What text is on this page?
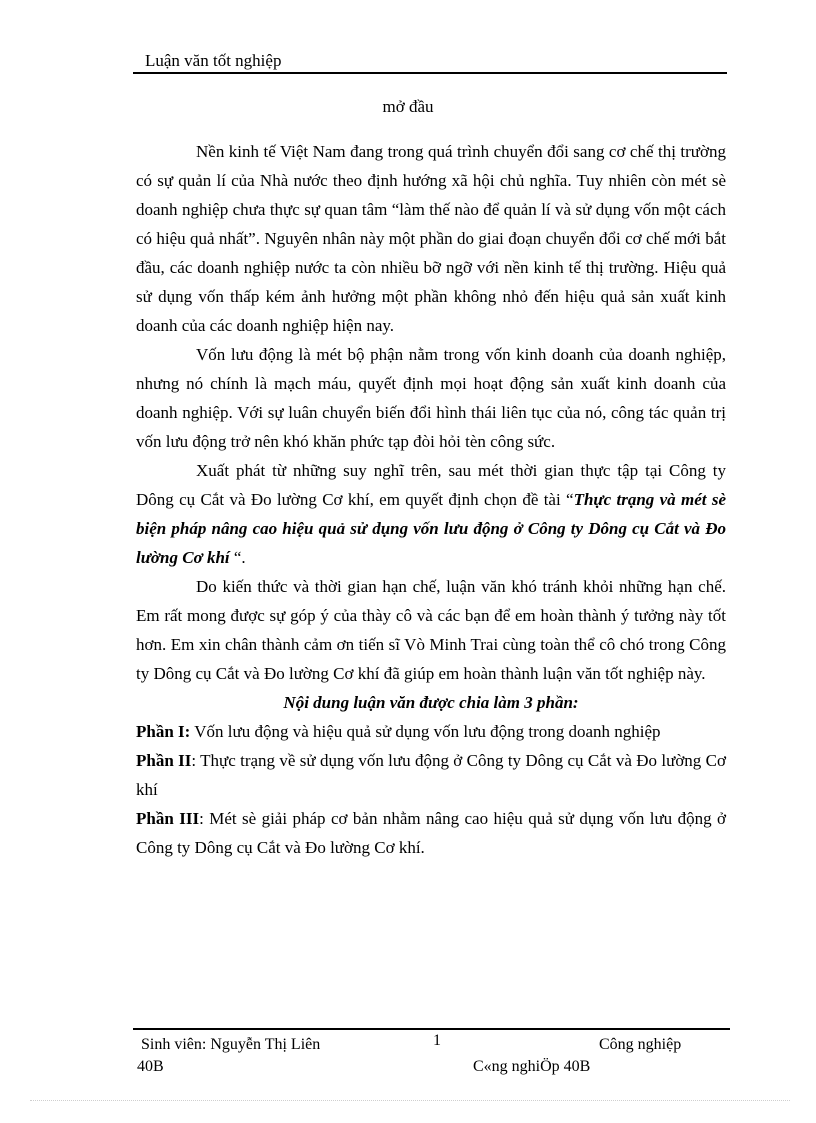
Luận văn tốt nghiệp
mở đầu

Nền kinh tế Việt Nam đang trong quá trình chuyển đổi sang cơ chế thị trường có sự quản lí của Nhà nước theo định hướng xã hội chủ nghĩa. Tuy nhiên còn mét sè doanh nghiệp chưa thực sự quan tâm “làm thế nào để quản lí và sử dụng vốn một cách có hiệu quả nhất”. Nguyên nhân này một phần do giai đoạn chuyển đổi cơ chế mới bắt đầu, các doanh nghiệp nước ta còn nhiều bỡ ngỡ với nền kinh tế thị trường. Hiệu quả sử dụng vốn thấp kém ảnh hưởng một phần không nhỏ đến hiệu quả sản xuất kinh doanh của các doanh nghiệp hiện nay.

Vốn lưu động là mét bộ phận nằm trong vốn kinh doanh của doanh nghiệp, nhưng nó chính là mạch máu, quyết định mọi hoạt động sản xuất kinh doanh của doanh nghiệp. Với sự luân chuyển biến đổi hình thái liên tục của nó, công tác quản trị vốn lưu động trở nên khó khăn phức tạp đòi hỏi tèn công sức.

Xuất phát từ những suy nghĩ trên, sau mét thời gian thực tập tại Công ty Dông cụ Cắt và Đo lường Cơ khí, em quyết định chọn đề tài “Thực trạng và mét sè biện pháp nâng cao hiệu quả sử dụng vốn lưu động ở Công ty Dông cụ Cắt và Đo lường Cơ khí “.

Do kiến thức và thời gian hạn chế, luận văn khó tránh khỏi những hạn chế. Em rất mong được sự góp ý của thày cô và các bạn để em hoàn thành ý tưởng này tốt hơn. Em xin chân thành cảm ơn tiến sĩ Vò Minh Trai cùng toàn thể cô chó trong Công ty Dông cụ Cắt và Đo lường Cơ khí đã giúp em hoàn thành luận văn tốt nghiệp này.

Nội dung luận văn được chia làm 3 phần:

Phần I: Vốn lưu động và hiệu quả sử dụng vốn lưu động trong doanh nghiệp

Phần II: Thực trạng về sử dụng vốn lưu động ở Công ty Dông cụ Cắt và Đo lường Cơ khí

Phần III: Mét sè giải pháp cơ bản nhằm nâng cao hiệu quả sử dụng vốn lưu động ở Công ty Dông cụ Cắt và Đo lường Cơ khí.

Sinh viên: Nguyễn Thị Liên
40B
1	Công nghiệp
C«ng nghiÖp 40B
